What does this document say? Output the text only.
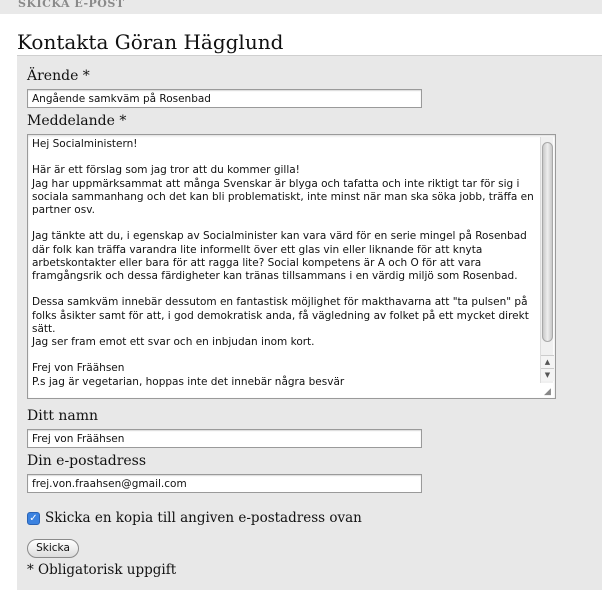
SKICKA E-POST
Kontakta Göran Hägglund
Ärende *
Angående samkväm på Rosenbad
Meddelande *

Hej Socialministern!

Här är ett förslag som jag tror att du kommer gilla!

Jag har uppmärksammat att många Svenskar är blyga och tafatta och inte riktigt tar för sig i sociala sammanhang och det kan bli problematiskt, inte minst när man ska söka jobb, träffa en partner osv.

Jag tänkte att du, i egenskap av Socialminister kan vara värd för en serie mingel på Rosenbad där folk kan träffa varandra lite informellt över ett glas vin eller liknande för att knyta arbetskontakter eller bara för att ragga lite? Social kompetens är A och O för att vara framgångsrik och dessa färdigheter kan tränas tillsammans i en värdig miljö som Rosenbad.

Dessa samkväm innebär dessutom en fantastisk möjlighet för makthavarna att "ta pulsen" på folks åsikter samt för att, i god demokratisk anda, få vägledning av folket på ett mycket direkt sätt.

Jag ser fram emot ett svar och en inbjudan inom kort.

Frej von Fräähsen

P.s jag är vegetarian, hoppas inte det innebär några besvär

▲
▼
◢
Ditt namn
Frej von Fräähsen
Din e-postadress
frej.von.fraahsen@gmail.com
✓ Skicka en kopia till angiven e-postadress ovan
Skicka
* Obligatorisk uppgift
